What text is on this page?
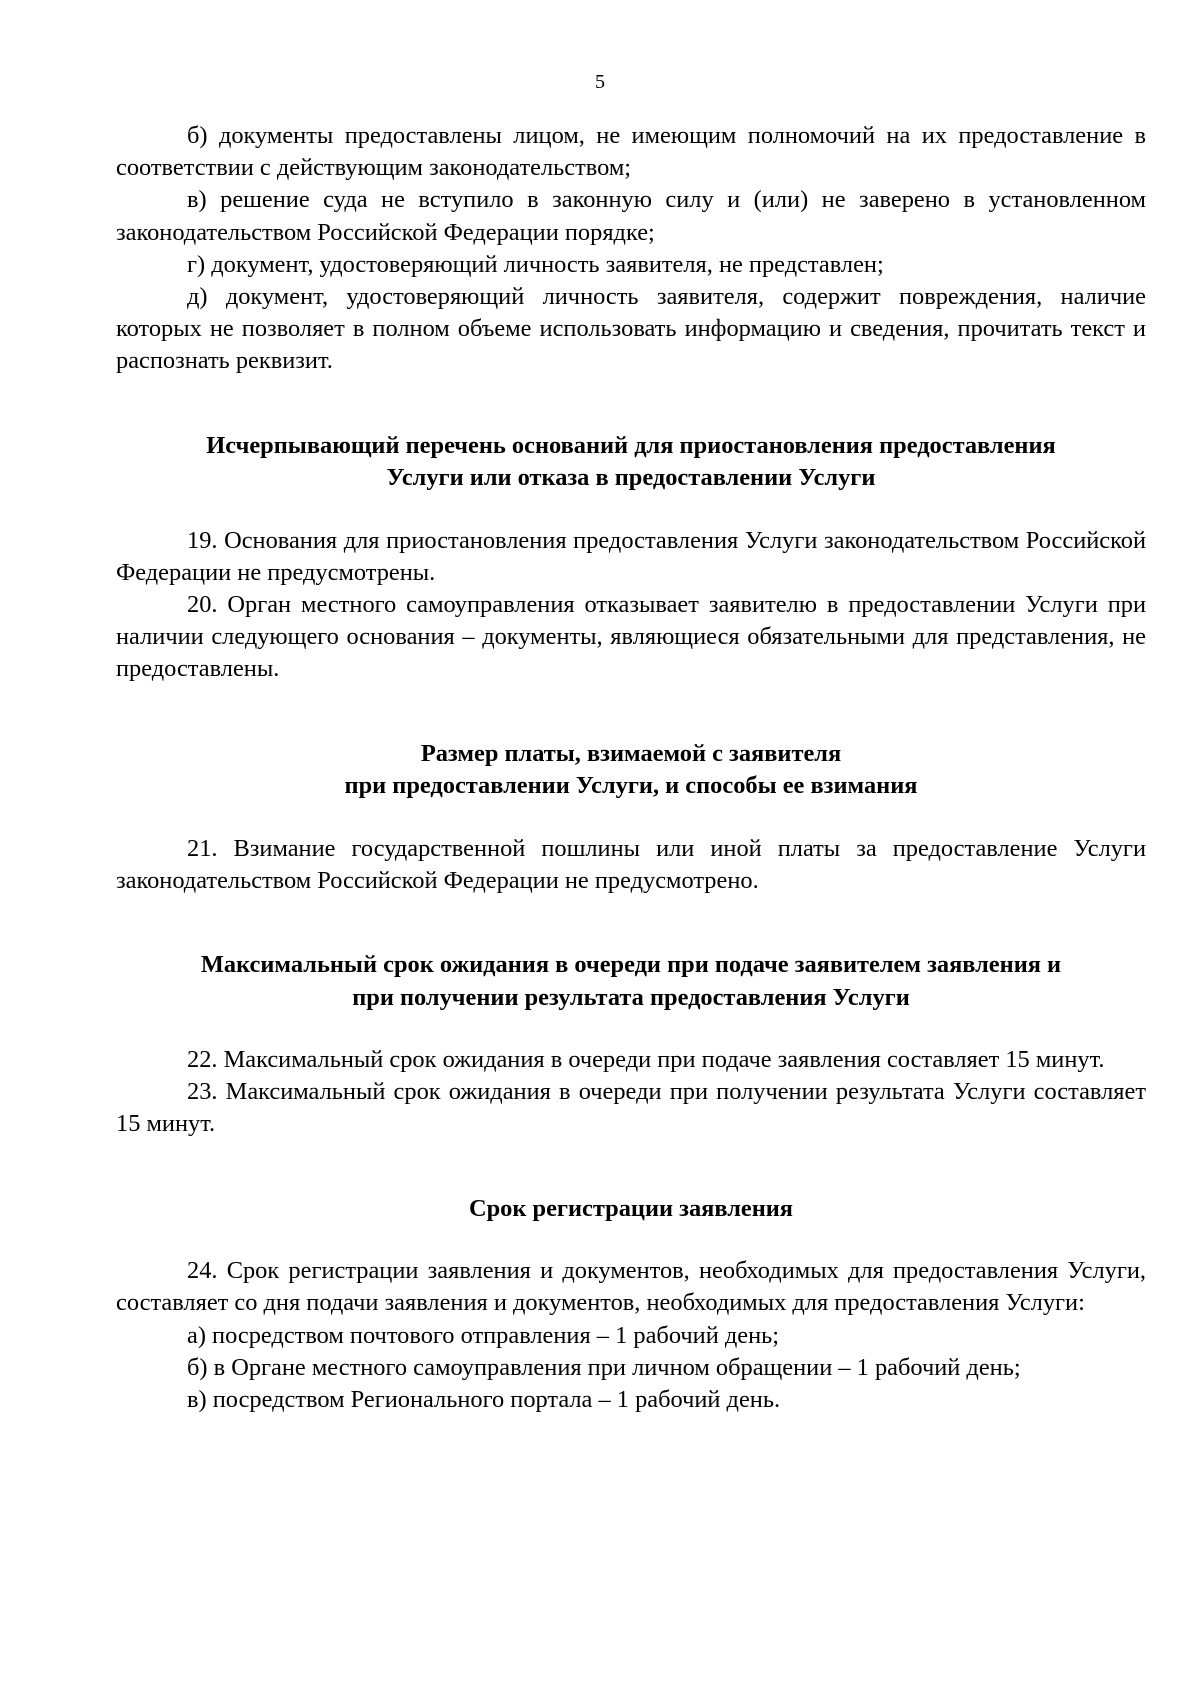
5

б) документы предоставлены лицом, не имеющим полномочий на их предоставление в соответствии с действующим законодательством;

в) решение суда не вступило в законную силу и (или) не заверено в установленном законодательством Российской Федерации порядке;

г) документ, удостоверяющий личность заявителя, не представлен;

д) документ, удостоверяющий личность заявителя, содержит повреждения, наличие которых не позволяет в полном объеме использовать информацию и сведения, прочитать текст и распознать реквизит.

Исчерпывающий перечень оснований для приостановления предоставления
Услуги или отказа в предоставлении Услуги

19. Основания для приостановления предоставления Услуги законодательством Российской Федерации не предусмотрены.

20. Орган местного самоуправления отказывает заявителю в предоставлении Услуги при наличии следующего основания – документы, являющиеся обязательными для представления, не предоставлены.

Размер платы, взимаемой с заявителя
при предоставлении Услуги, и способы ее взимания

21. Взимание государственной пошлины или иной платы за предоставление Услуги законодательством Российской Федерации не предусмотрено.

Максимальный срок ожидания в очереди при подаче заявителем заявления и
при получении результата предоставления Услуги

22. Максимальный срок ожидания в очереди при подаче заявления составляет 15 минут.

23. Максимальный срок ожидания в очереди при получении результата Услуги составляет 15 минут.

Срок регистрации заявления

24. Срок регистрации заявления и документов, необходимых для предоставления Услуги, составляет со дня подачи заявления и документов, необходимых для предоставления Услуги:

а) посредством почтового отправления – 1 рабочий день;

б) в Органе местного самоуправления при личном обращении – 1 рабочий день;

в) посредством Регионального портала – 1 рабочий день.
